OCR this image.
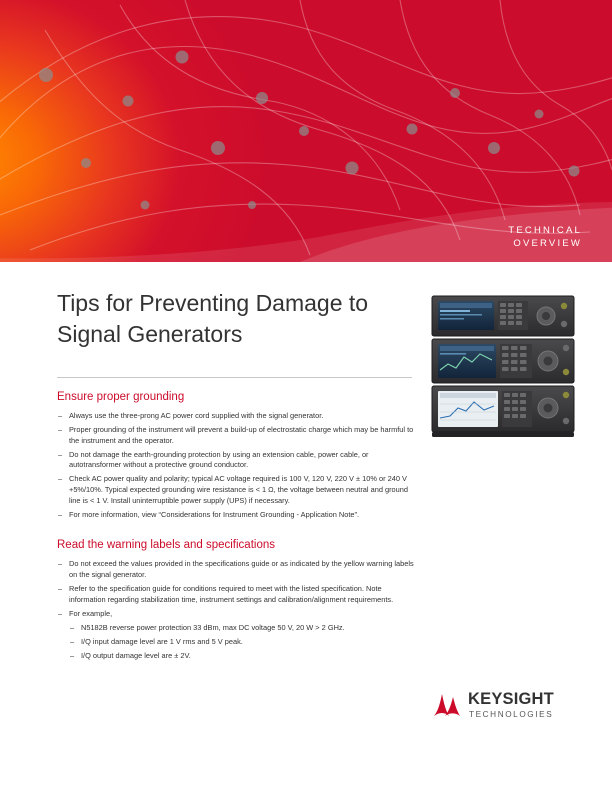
TECHNICAL
OVERVIEW
Tips for Preventing Damage to Signal Generators
Ensure proper grounding
– Always use the three-prong AC power cord supplied with the signal generator.
– Proper grounding of the instrument will prevent a build-up of electrostatic charge which may be harmful to the instrument and the operator.
– Do not damage the earth-grounding protection by using an extension cable, power cable, or autotransformer without a protective ground conductor.
– Check AC power quality and polarity; typical AC voltage required is 100 V, 120 V, 220 V ± 10% or 240 V +5%/10%. Typical expected grounding wire resistance is < 1 Ω, the voltage between neutral and ground line is < 1 V. Install uninterruptible power supply (UPS) if necessary.
– For more information, view “Considerations for Instrument Grounding - Application Note”.
Read the warning labels and specifications
– Do not exceed the values provided in the specifications guide or as indicated by the yellow warning labels on the signal generator.
– Refer to the specification guide for conditions required to meet with the listed specification. Note information regarding stabilization time, instrument settings and calibration/alignment requirements.
– For example,
– N5182B reverse power protection 33 dBm, max DC voltage 50 V, 20 W > 2 GHz.
– I/Q input damage level are 1 V rms and 5 V peak.
– I/Q output damage level are ± 2V.
KEYSIGHT
TECHNOLOGIES
